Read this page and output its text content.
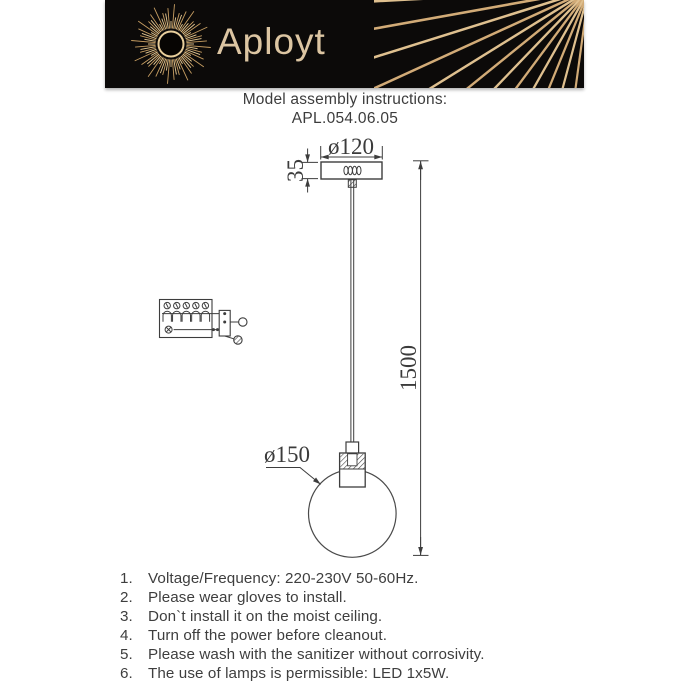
Aployt
Model assembly instructions:
APL.054.06.05
ø120
35
1500
ø150
1. Voltage/Frequency: 220-230V 50-60Hz.
2. Please wear gloves to install.
3. Don`t install it on the moist ceiling.
4. Turn off the power before cleanout.
5. Please wash with the sanitizer without corrosivity.
6. The use of lamps is permissible: LED 1x5W.
